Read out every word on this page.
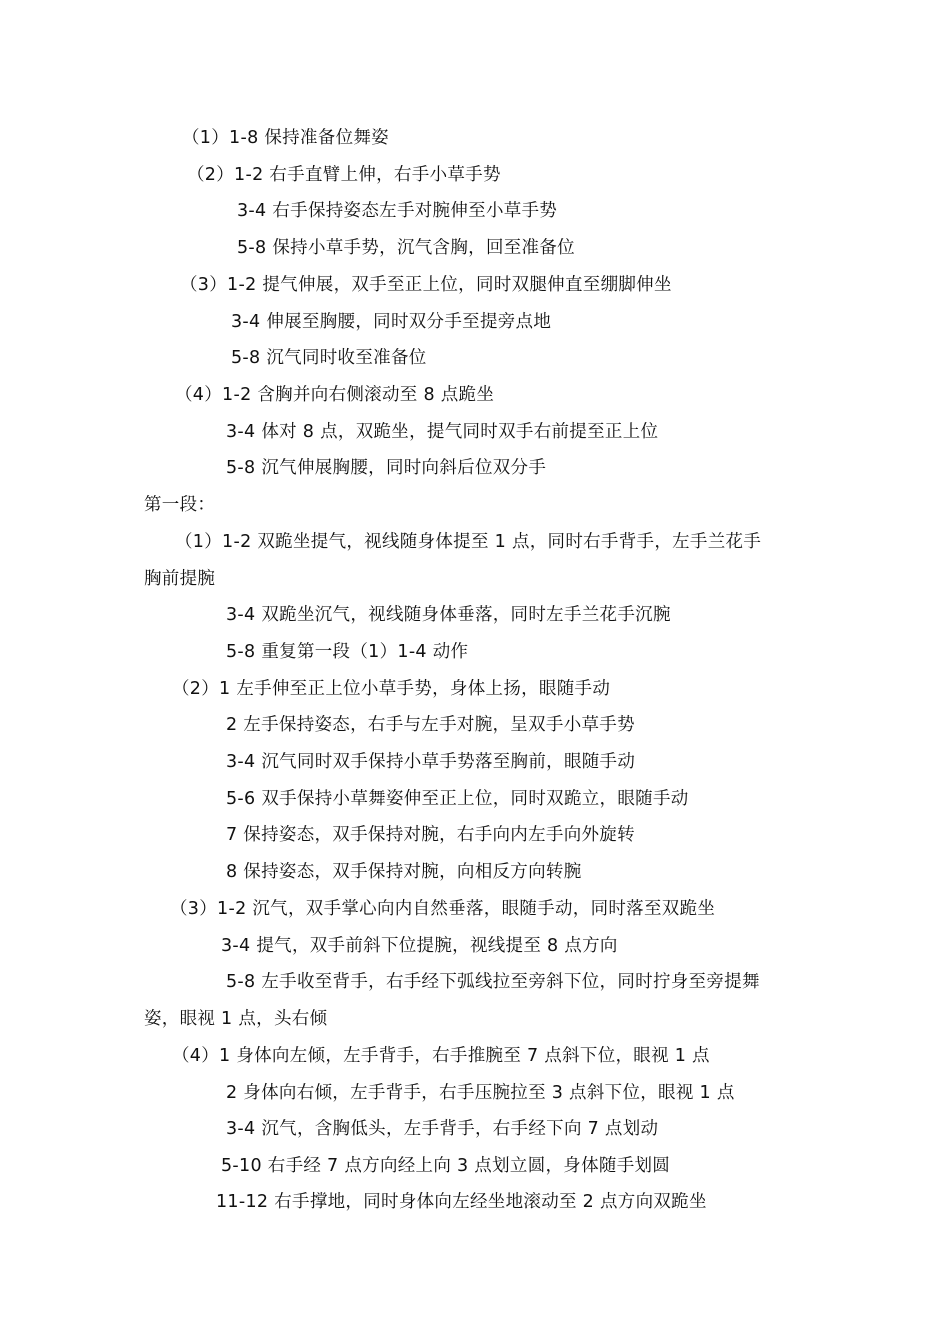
（1）1-8 保持准备位舞姿
（2）1-2 右手直臂上伸，右手小草手势
3-4 右手保持姿态左手对腕伸至小草手势
5-8 保持小草手势，沉气含胸，回至准备位
（3）1-2 提气伸展，双手至正上位，同时双腿伸直至绷脚伸坐
3-4 伸展至胸腰，同时双分手至提旁点地
5-8 沉气同时收至准备位
（4）1-2 含胸并向右侧滚动至 8 点跪坐
3-4 体对 8 点，双跪坐，提气同时双手右前提至正上位
5-8 沉气伸展胸腰，同时向斜后位双分手
第一段：
（1）1-2 双跪坐提气，视线随身体提至 1 点，同时右手背手，左手兰花手
胸前提腕
3-4 双跪坐沉气，视线随身体垂落，同时左手兰花手沉腕
5-8 重复第一段（1）1-4 动作
（2）1 左手伸至正上位小草手势，身体上扬，眼随手动
2 左手保持姿态，右手与左手对腕，呈双手小草手势
3-4 沉气同时双手保持小草手势落至胸前，眼随手动
5-6 双手保持小草舞姿伸至正上位，同时双跪立，眼随手动
7 保持姿态，双手保持对腕，右手向内左手向外旋转
8 保持姿态，双手保持对腕，向相反方向转腕
（3）1-2 沉气，双手掌心向内自然垂落，眼随手动，同时落至双跪坐
3-4 提气，双手前斜下位提腕，视线提至 8 点方向
5-8 左手收至背手，右手经下弧线拉至旁斜下位，同时拧身至旁提舞
姿，眼视 1 点，头右倾
（4）1 身体向左倾，左手背手，右手推腕至 7 点斜下位，眼视 1 点
2 身体向右倾，左手背手，右手压腕拉至 3 点斜下位，眼视 1 点
3-4 沉气，含胸低头，左手背手，右手经下向 7 点划动
5-10 右手经 7 点方向经上向 3 点划立圆，身体随手划圆
11-12 右手撑地，同时身体向左经坐地滚动至 2 点方向双跪坐
